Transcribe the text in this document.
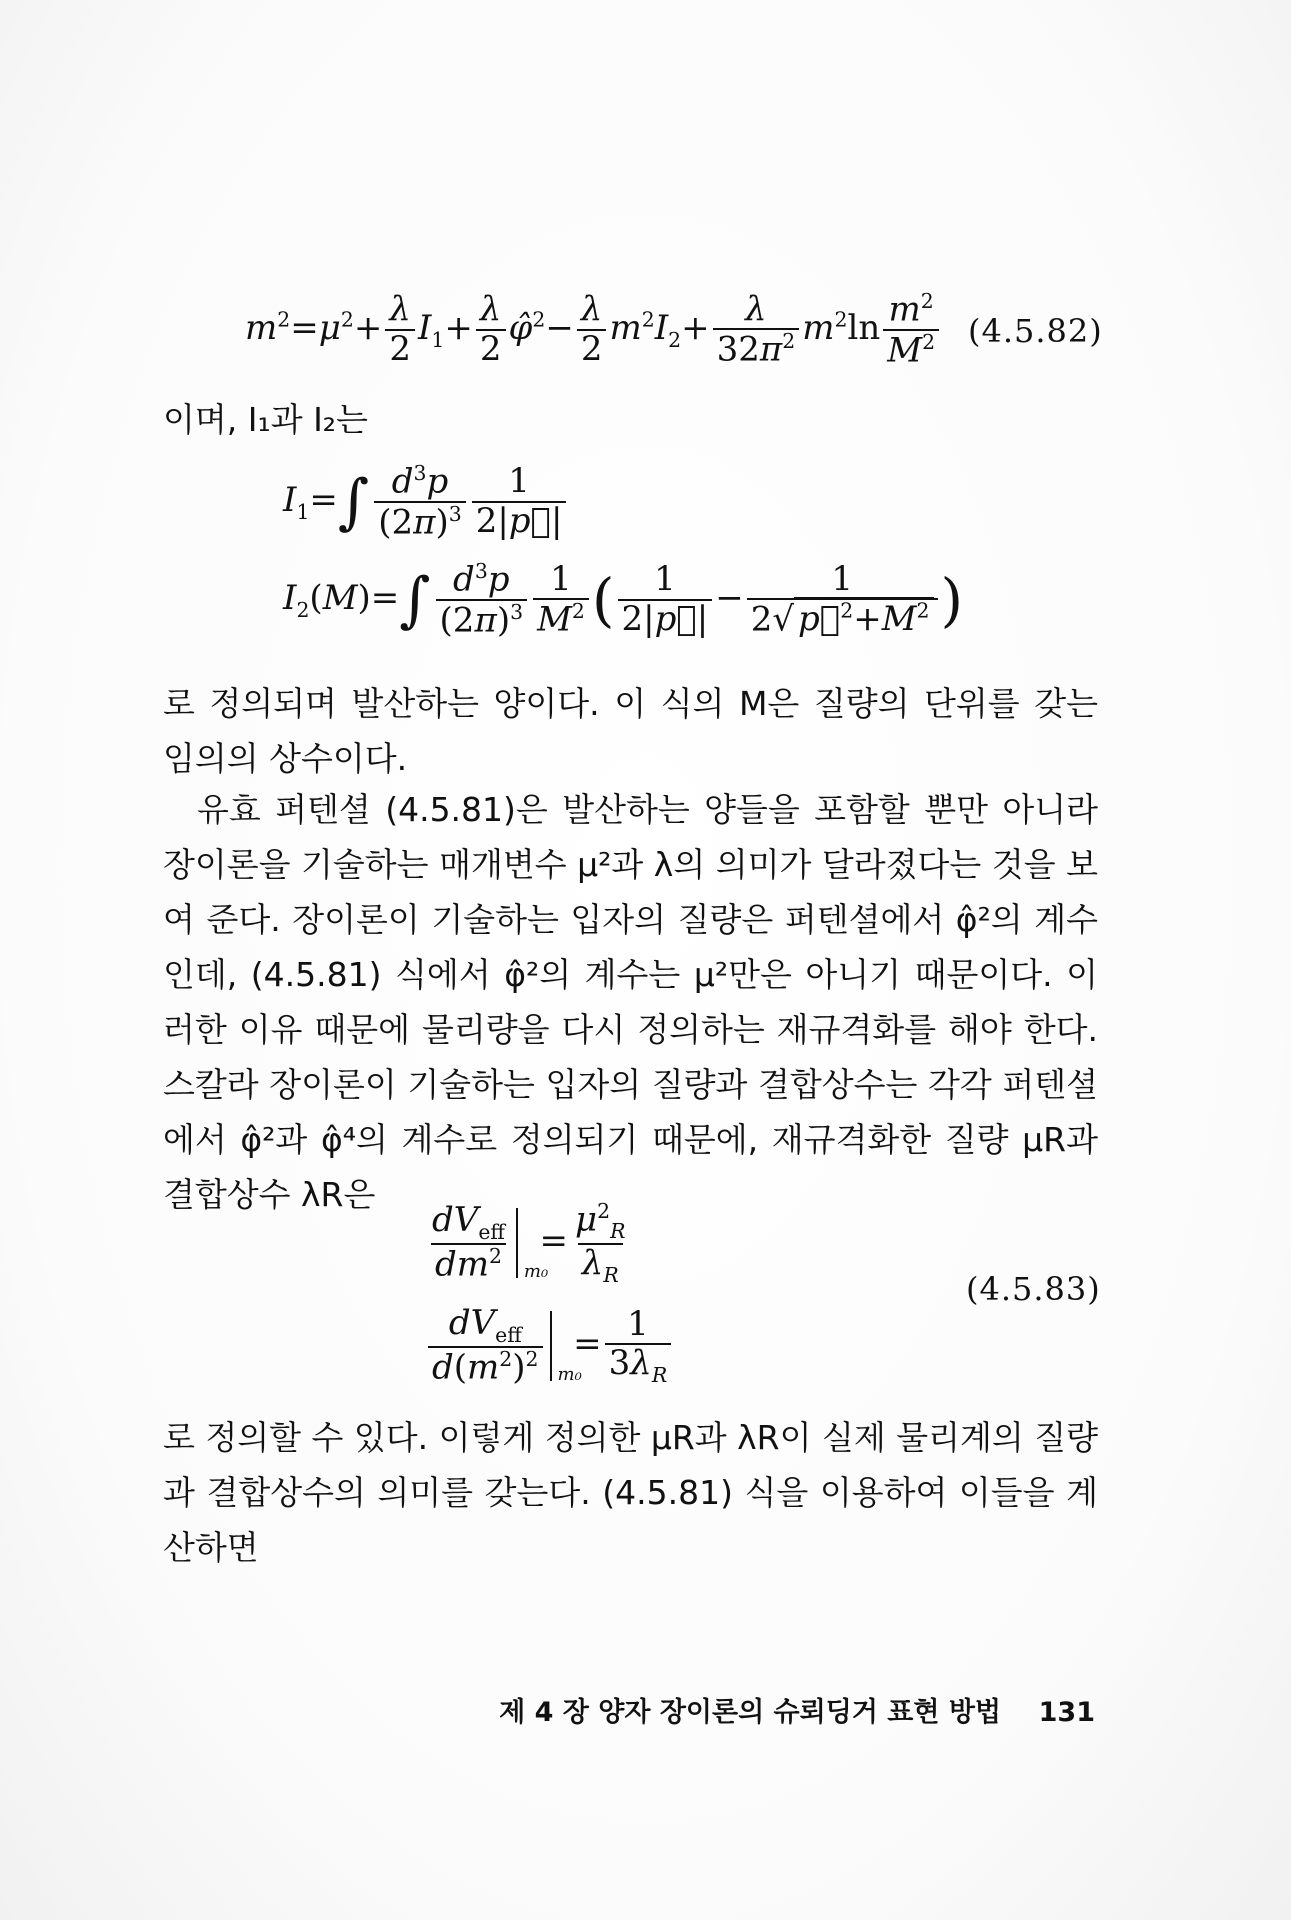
$m^2=\mu^2+ \frac{\lambda}{2} I_1+ \frac{\lambda}{2}$ φ̂$^2$− $\frac{\lambda}{2} m^2I_2+ \frac{\lambda}{32\pi^2} m^2\ln \frac{m^2}{M^2} (4.5.82)$
이며, I₁과 I₂는
$I_1=\int \frac{d^3p}{(2\pi)^3} \frac{1}{2|p⃗|}$
$I_2(M)=\int \frac{d^3p}{(2\pi)^3} \frac{1}{M^2}$ ( $\frac{1}{2|p⃗|} - \frac{1}{2√ p⃗^2+M^2}$ )

로 정의되며 발산하는 양이다. 이 식의 M은 질량의 단위를 갖는 임의의 상수이다.

유효 퍼텐셜 (4.5.81)은 발산하는 양들을 포함할 뿐만 아니라 장이론을 기술하는 매개변수 μ²과 λ의 의미가 달라졌다는 것을 보여 준다. 장이론이 기술하는 입자의 질량은 퍼텐셜에서 φ̂²의 계수인데, (4.5.81) 식에서 φ̂²의 계수는 μ²만은 아니기 때문이다. 이러한 이유 때문에 물리량을 다시 정의하는 재규격화를 해야 한다. 스칼라 장이론이 기술하는 입자의 질량과 결합상수는 각각 퍼텐셜에서 φ̂²과 φ̂⁴의 계수로 정의되기 때문에, 재규격화한 질량 μR과 결합상수 λR은

$\frac{dV_{eff}}{dm^2} m_0$
= $\frac{\mu^2_R}{\lambda_R}$
$\frac{dV_{eff}}{d(m^2)^2} m_0$
= $\frac{1}{3\lambda_R}$
(4.5.83)

로 정의할 수 있다. 이렇게 정의한 μR과 λR이 실제 물리계의 질량과 결합상수의 의미를 갖는다. (4.5.81) 식을 이용하여 이들을 계산하면

제 4 장 양자 장이론의 슈뢰딩거 표현 방법 131
